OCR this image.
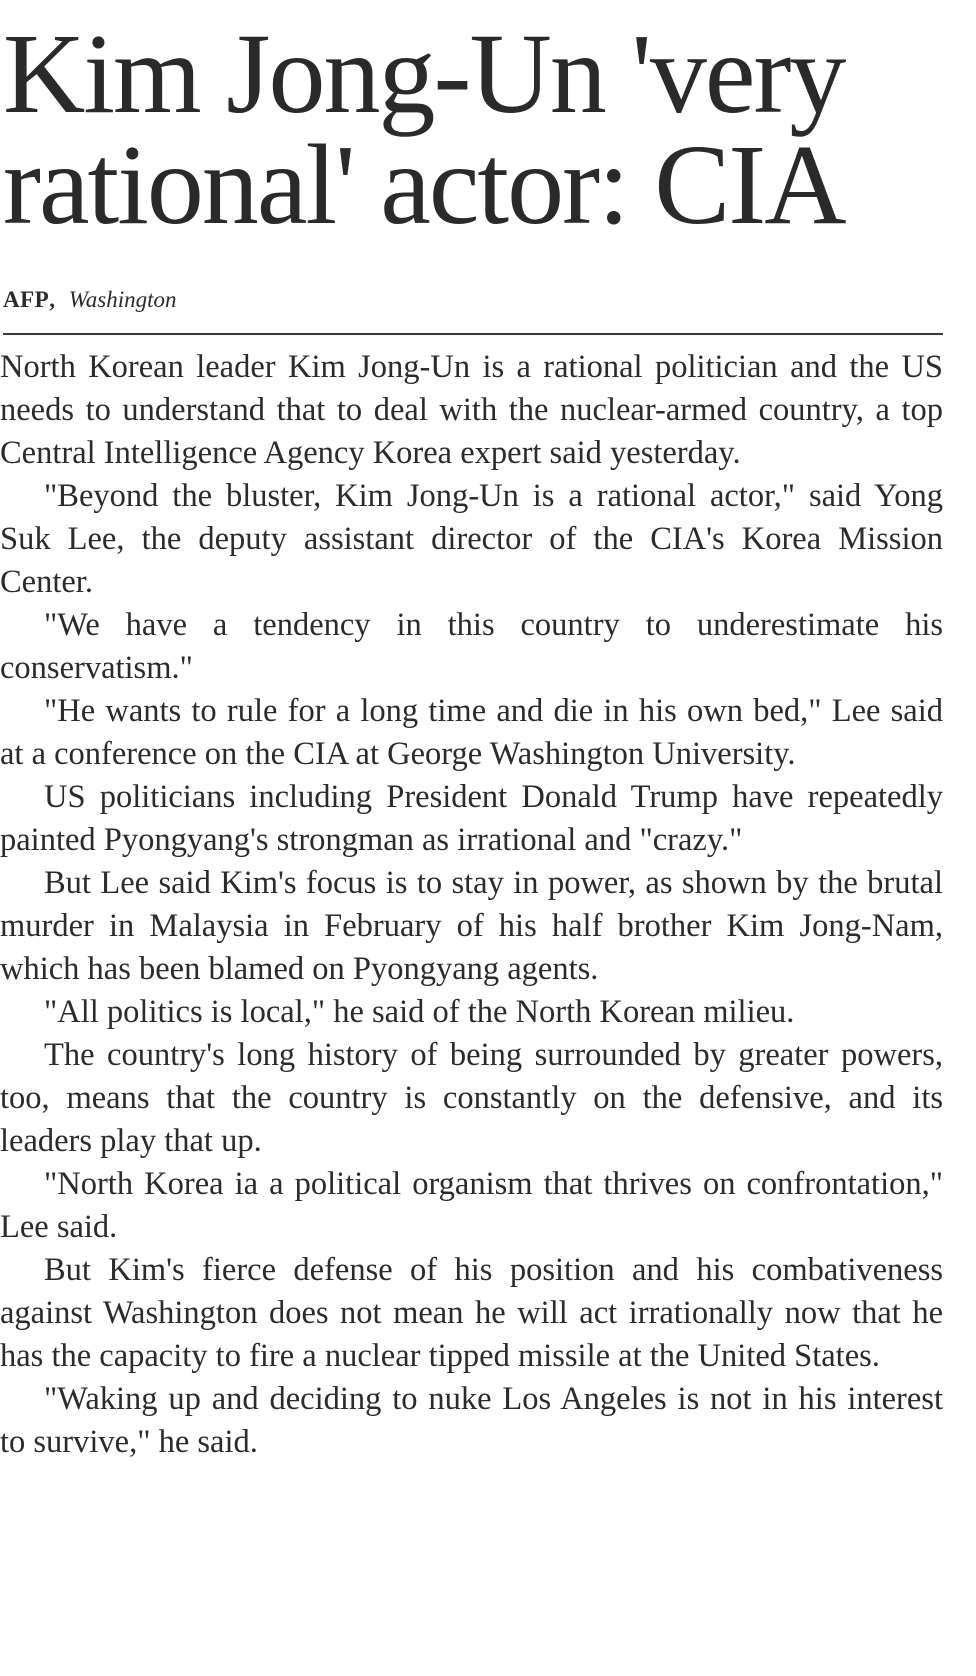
Kim Jong-Un 'very rational' actor: CIA
AFP, Washington

North Korean leader Kim Jong-Un is a rational politician and the US needs to understand that to deal with the nuclear-armed country, a top Central Intelligence Agency Korea expert said yesterday.

"Beyond the bluster, Kim Jong-Un is a rational actor," said Yong Suk Lee, the deputy assistant director of the CIA's Korea Mission Center.

"We have a tendency in this country to underestimate his conservatism."

"He wants to rule for a long time and die in his own bed," Lee said at a conference on the CIA at George Washington University.

US politicians including President Donald Trump have repeatedly painted Pyongyang's strongman as irrational and "crazy."

But Lee said Kim's focus is to stay in power, as shown by the brutal murder in Malaysia in February of his half brother Kim Jong-Nam, which has been blamed on Pyongyang agents.

"All politics is local," he said of the North Korean milieu.

The country's long history of being surrounded by greater powers, too, means that the country is constantly on the defensive, and its leaders play that up.

"North Korea ia a political organism that thrives on confrontation," Lee said.

But Kim's fierce defense of his position and his combativeness against Washington does not mean he will act irrationally now that he has the capacity to fire a nuclear tipped missile at the United States.

"Waking up and deciding to nuke Los Angeles is not in his interest to survive," he said.
